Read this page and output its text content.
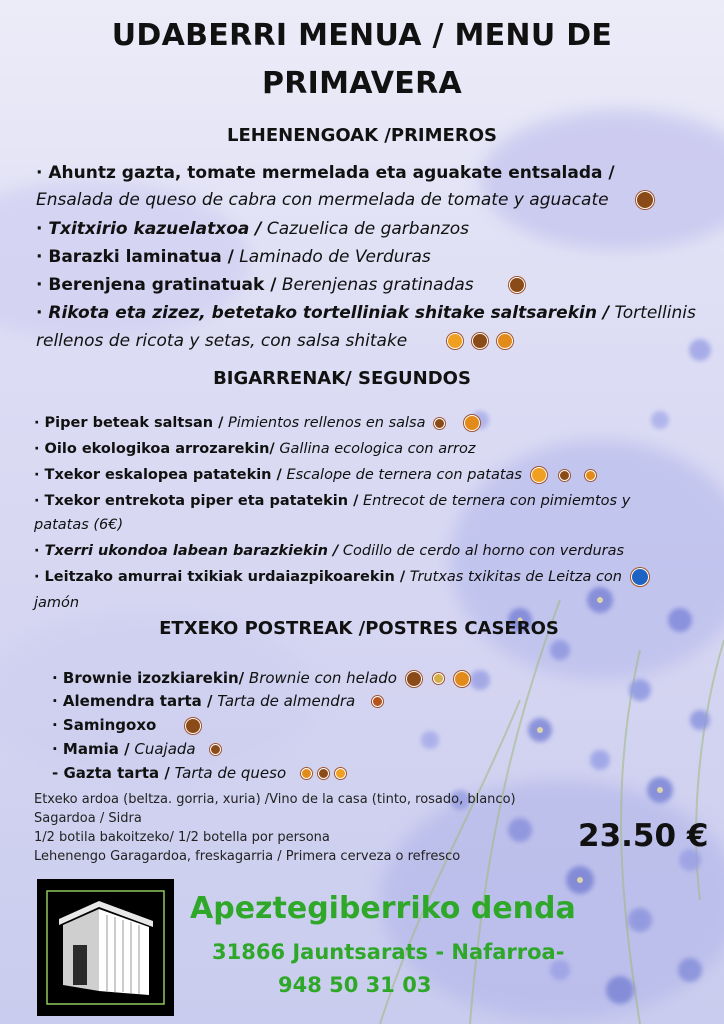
UDABERRI MENUA / MENU DE
PRIMAVERA
LEHENENGOAK /PRIMEROS
· Ahuntz gazta, tomate mermelada eta aguakate entsalada /
Ensalada de queso de cabra con mermelada de tomate y aguacate
· Txitxirio kazuelatxoa / Cazuelica de garbanzos
· Barazki laminatua / Laminado de Verduras
· Berenjena gratinatuak / Berenjenas gratinadas
· Rikota eta zizez, betetako tortelliniak shitake saltsarekin / Tortellinis
rellenos de ricota y setas, con salsa shitake
BIGARRENAK/ SEGUNDOS
· Piper beteak saltsan / Pimientos rellenos en salsa
· Oilo ekologikoa arrozarekin/ Gallina ecologica con arroz
· Txekor eskalopea patatekin / Escalope de ternera con patatas
· Txekor entrekota piper eta patatekin / Entrecot de ternera con pimiemtos y
patatas (6€)
· Txerri ukondoa labean barazkiekin / Codillo de cerdo al horno con verduras
· Leitzako amurrai txikiak urdaiazpikoarekin / Trutxas txikitas de Leitza con
jamón
ETXEKO POSTREAK /POSTRES CASEROS
· Brownie izozkiarekin/ Brownie con helado
· Alemendra tarta / Tarta de almendra
· Samingoxo
· Mamia / Cuajada
- Gazta tarta / Tarta de queso
Etxeko ardoa (beltza. gorria, xuria) /Vino de la casa (tinto, rosado, blanco)
Sagardoa / Sidra
1/2 botila bakoitzeko/ 1/2 botella por persona
Lehenengo Garagardoa, freskagarria / Primera cerveza o refresco
23.50 €
Apeztegiberriko denda
31866 Jauntsarats - Nafarroa-
948 50 31 03
